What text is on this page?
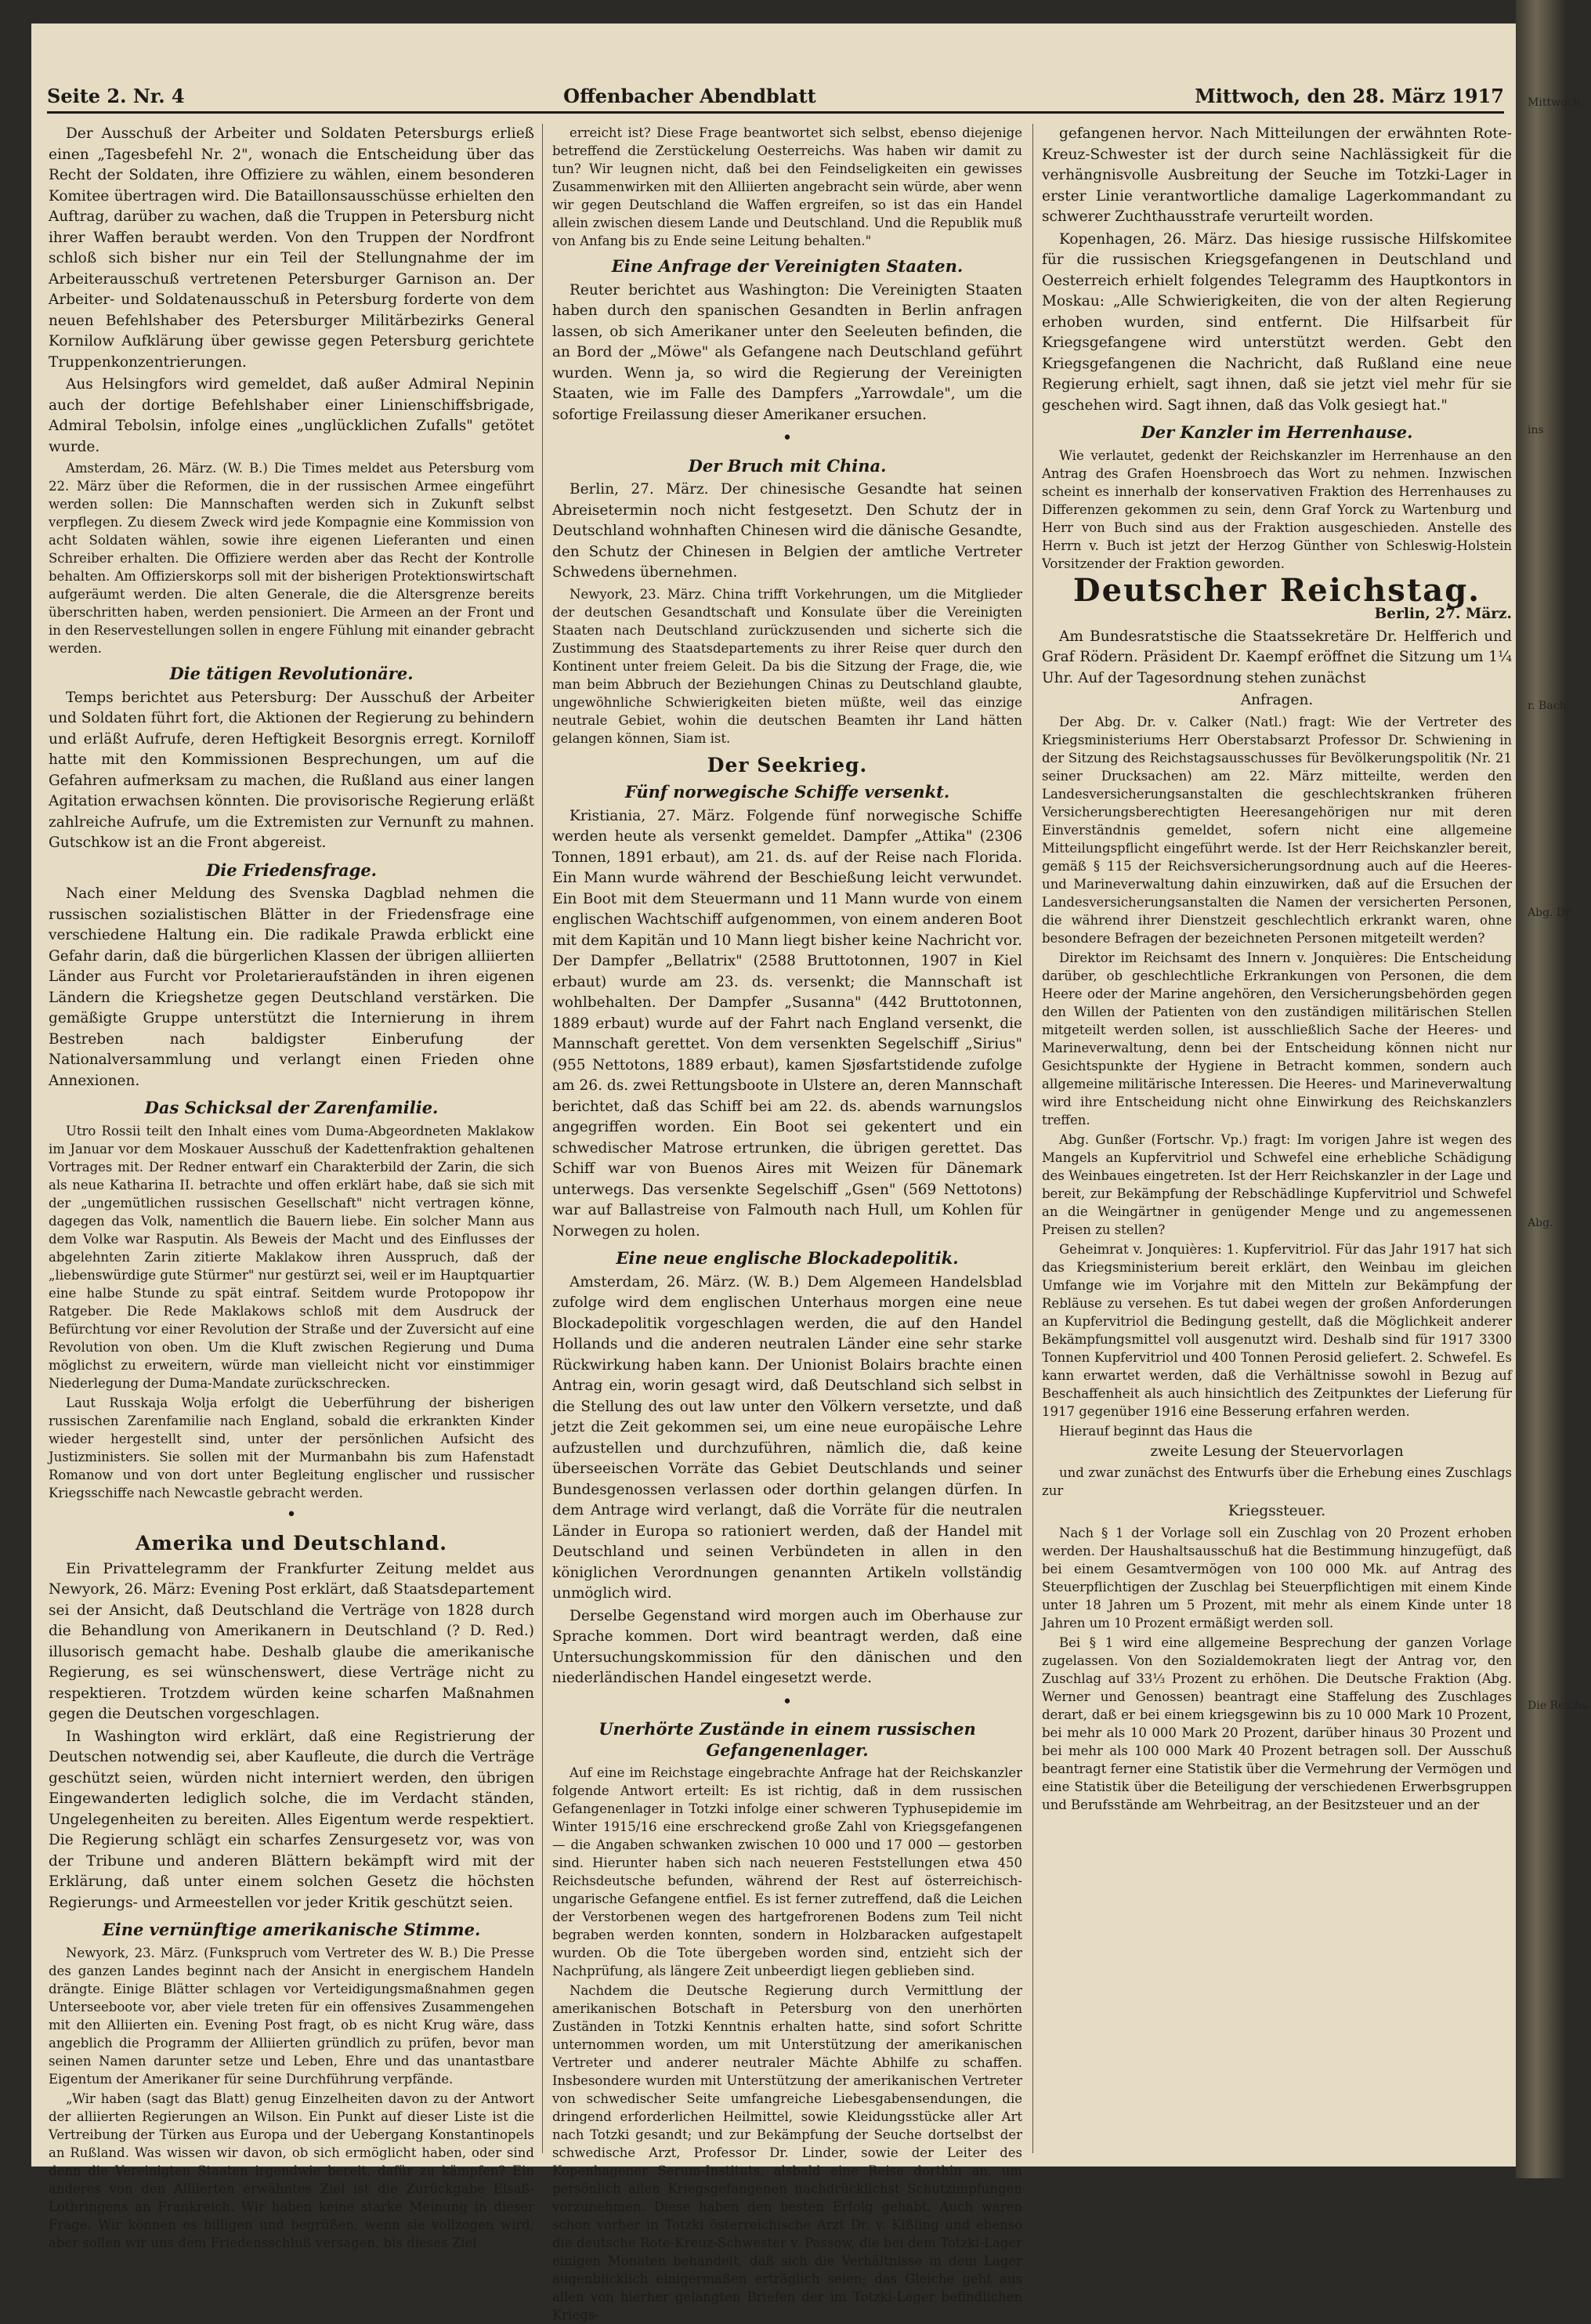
Mittwoch,

ins

r. Bach

Abg. Dr.

Abg.

Die Reichs-
Seite 2. Nr. 4	Offenbacher Abendblatt	Mittwoch, den 28. März 1917

Der Ausschuß der Arbeiter und Soldaten Petersburgs erließ einen „Tagesbefehl Nr. 2", wonach die Entscheidung über das Recht der Soldaten, ihre Offiziere zu wählen, einem besonderen Komitee übertragen wird. Die Bataillonsausschüsse erhielten den Auftrag, darüber zu wachen, daß die Truppen in Petersburg nicht ihrer Waffen beraubt werden. Von den Truppen der Nordfront schloß sich bisher nur ein Teil der Stellungnahme der im Arbeiterausschuß vertretenen Petersburger Garnison an. Der Arbeiter- und Soldatenausschuß in Petersburg forderte von dem neuen Befehlshaber des Petersburger Militärbezirks General Kornilow Aufklärung über gewisse gegen Petersburg gerichtete Truppenkonzentrierungen.

Aus Helsingfors wird gemeldet, daß außer Admiral Nepinin auch der dortige Befehlshaber einer Linienschiffsbrigade, Admiral Tebolsin, infolge eines „unglücklichen Zufalls" getötet wurde.

Amsterdam, 26. März. (W. B.) Die Times meldet aus Petersburg vom 22. März über die Reformen, die in der russischen Armee eingeführt werden sollen: Die Mannschaften werden sich in Zukunft selbst verpflegen. Zu diesem Zweck wird jede Kompagnie eine Kommission von acht Soldaten wählen, sowie ihre eigenen Lieferanten und einen Schreiber erhalten. Die Offiziere werden aber das Recht der Kontrolle behalten. Am Offizierskorps soll mit der bisherigen Protektionswirtschaft aufgeräumt werden. Die alten Generale, die die Altersgrenze bereits überschritten haben, werden pensioniert. Die Armeen an der Front und in den Reservestellungen sollen in engere Fühlung mit einander gebracht werden.

Die tätigen Revolutionäre.

Temps berichtet aus Petersburg: Der Ausschuß der Arbeiter und Soldaten führt fort, die Aktionen der Regierung zu behindern und erläßt Aufrufe, deren Heftigkeit Besorgnis erregt. Korniloff hatte mit den Kommissionen Besprechungen, um auf die Gefahren aufmerksam zu machen, die Rußland aus einer langen Agitation erwachsen könnten. Die provisorische Regierung erläßt zahlreiche Aufrufe, um die Extremisten zur Vernunft zu mahnen. Gutschkow ist an die Front abgereist.

Die Friedensfrage.

Nach einer Meldung des Svenska Dagblad nehmen die russischen sozialistischen Blätter in der Friedensfrage eine verschiedene Haltung ein. Die radikale Prawda erblickt eine Gefahr darin, daß die bürgerlichen Klassen der übrigen alliierten Länder aus Furcht vor Proletarieraufständen in ihren eigenen Ländern die Kriegshetze gegen Deutschland verstärken. Die gemäßigte Gruppe unterstützt die Internierung in ihrem Bestreben nach baldigster Einberufung der Nationalversammlung und verlangt einen Frieden ohne Annexionen.

Das Schicksal der Zarenfamilie.

Utro Rossii teilt den Inhalt eines vom Duma-Abgeordneten Maklakow im Januar vor dem Moskauer Ausschuß der Kadettenfraktion gehaltenen Vortrages mit. Der Redner entwarf ein Charakterbild der Zarin, die sich als neue Katharina II. betrachte und offen erklärt habe, daß sie sich mit der „ungemütlichen russischen Gesellschaft" nicht vertragen könne, dagegen das Volk, namentlich die Bauern liebe. Ein solcher Mann aus dem Volke war Rasputin. Als Beweis der Macht und des Einflusses der abgelehnten Zarin zitierte Maklakow ihren Ausspruch, daß der „liebenswürdige gute Stürmer" nur gestürzt sei, weil er im Hauptquartier eine halbe Stunde zu spät eintraf. Seitdem wurde Protopopow ihr Ratgeber. Die Rede Maklakows schloß mit dem Ausdruck der Befürchtung vor einer Revolution der Straße und der Zuversicht auf eine Revolution von oben. Um die Kluft zwischen Regierung und Duma möglichst zu erweitern, würde man vielleicht nicht vor einstimmiger Niederlegung der Duma-Mandate zurückschrecken.

Laut Russkaja Wolja erfolgt die Ueberführung der bisherigen russischen Zarenfamilie nach England, sobald die erkrankten Kinder wieder hergestellt sind, unter der persönlichen Aufsicht des Justizministers. Sie sollen mit der Murmanbahn bis zum Hafenstadt Romanow und von dort unter Begleitung englischer und russischer Kriegsschiffe nach Newcastle gebracht werden.

•
Amerika und Deutschland.

Ein Privattelegramm der Frankfurter Zeitung meldet aus Newyork, 26. März: Evening Post erklärt, daß Staatsdepartement sei der Ansicht, daß Deutschland die Verträge von 1828 durch die Behandlung von Amerikanern in Deutschland (? D. Red.) illusorisch gemacht habe. Deshalb glaube die amerikanische Regierung, es sei wünschenswert, diese Verträge nicht zu respektieren. Trotzdem würden keine scharfen Maßnahmen gegen die Deutschen vorgeschlagen.

In Washington wird erklärt, daß eine Registrierung der Deutschen notwendig sei, aber Kaufleute, die durch die Verträge geschützt seien, würden nicht interniert werden, den übrigen Eingewanderten lediglich solche, die im Verdacht ständen, Ungelegenheiten zu bereiten. Alles Eigentum werde respektiert. Die Regierung schlägt ein scharfes Zensurgesetz vor, was von der Tribune und anderen Blättern bekämpft wird mit der Erklärung, daß unter einem solchen Gesetz die höchsten Regierungs- und Armeestellen vor jeder Kritik geschützt seien.

Eine vernünftige amerikanische Stimme.

Newyork, 23. März. (Funkspruch vom Vertreter des W. B.) Die Presse des ganzen Landes beginnt nach der Ansicht in energischem Handeln drängte. Einige Blätter schlagen vor Verteidigungsmaßnahmen gegen Unterseeboote vor, aber viele treten für ein offensives Zusammengehen mit den Alliierten ein. Evening Post fragt, ob es nicht Krug wäre, dass angeblich die Programm der Alliierten gründlich zu prüfen, bevor man seinen Namen darunter setze und Leben, Ehre und das unantastbare Eigentum der Amerikaner für seine Durchführung verpfände.

„Wir haben (sagt das Blatt) genug Einzelheiten davon zu der Antwort der alliierten Regierungen an Wilson. Ein Punkt auf dieser Liste ist die Vertreibung der Türken aus Europa und der Uebergang Konstantinopels an Rußland. Was wissen wir davon, ob sich ermöglicht haben, oder sind denn die Vereinigten Staaten irgendwie bereit, dafür zu kämpfen? Ein anderes von den Alliierten erwähntes Ziel ist die Zurückgabe Elsaß-Lothringens an Frankreich. Wir haben keine starke Meinung in dieser Frage. Wir können es billigen und begrüßen, wenn sie vollzogen wird, aber sollen wir uns dem Friedensschluß versagen, bis dieses Ziel

erreicht ist? Diese Frage beantwortet sich selbst, ebenso diejenige betreffend die Zerstückelung Oesterreichs. Was haben wir damit zu tun? Wir leugnen nicht, daß bei den Feindseligkeiten ein gewisses Zusammenwirken mit den Alliierten angebracht sein würde, aber wenn wir gegen Deutschland die Waffen ergreifen, so ist das ein Handel allein zwischen diesem Lande und Deutschland. Und die Republik muß von Anfang bis zu Ende seine Leitung behalten."

Eine Anfrage der Vereinigten Staaten.

Reuter berichtet aus Washington: Die Vereinigten Staaten haben durch den spanischen Gesandten in Berlin anfragen lassen, ob sich Amerikaner unter den Seeleuten befinden, die an Bord der „Möwe" als Gefangene nach Deutschland geführt wurden. Wenn ja, so wird die Regierung der Vereinigten Staaten, wie im Falle des Dampfers „Yarrowdale", um die sofortige Freilassung dieser Amerikaner ersuchen.

•
Der Bruch mit China.

Berlin, 27. März. Der chinesische Gesandte hat seinen Abreisetermin noch nicht festgesetzt. Den Schutz der in Deutschland wohnhaften Chinesen wird die dänische Gesandte, den Schutz der Chinesen in Belgien der amtliche Vertreter Schwedens übernehmen.

Newyork, 23. März. China trifft Vorkehrungen, um die Mitglieder der deutschen Gesandtschaft und Konsulate über die Vereinigten Staaten nach Deutschland zurückzusenden und sicherte sich die Zustimmung des Staatsdepartements zu ihrer Reise quer durch den Kontinent unter freiem Geleit. Da bis die Sitzung der Frage, die, wie man beim Abbruch der Beziehungen Chinas zu Deutschland glaubte, ungewöhnliche Schwierigkeiten bieten müßte, weil das einzige neutrale Gebiet, wohin die deutschen Beamten ihr Land hätten gelangen können, Siam ist.

Der Seekrieg.
Fünf norwegische Schiffe versenkt.

Kristiania, 27. März. Folgende fünf norwegische Schiffe werden heute als versenkt gemeldet. Dampfer „Attika" (2306 Tonnen, 1891 erbaut), am 21. ds. auf der Reise nach Florida. Ein Mann wurde während der Beschießung leicht verwundet. Ein Boot mit dem Steuermann und 11 Mann wurde von einem englischen Wachtschiff aufgenommen, von einem anderen Boot mit dem Kapitän und 10 Mann liegt bisher keine Nachricht vor. Der Dampfer „Bellatrix" (2588 Bruttotonnen, 1907 in Kiel erbaut) wurde am 23. ds. versenkt; die Mannschaft ist wohlbehalten. Der Dampfer „Susanna" (442 Bruttotonnen, 1889 erbaut) wurde auf der Fahrt nach England versenkt, die Mannschaft gerettet. Von dem versenkten Segelschiff „Sirius" (955 Nettotons, 1889 erbaut), kamen Sjøsfartstidende zufolge am 26. ds. zwei Rettungsboote in Ulstere an, deren Mannschaft berichtet, daß das Schiff bei am 22. ds. abends warnungslos angegriffen worden. Ein Boot sei gekentert und ein schwedischer Matrose ertrunken, die übrigen gerettet. Das Schiff war von Buenos Aires mit Weizen für Dänemark unterwegs. Das versenkte Segelschiff „Gsen" (569 Nettotons) war auf Ballastreise von Falmouth nach Hull, um Kohlen für Norwegen zu holen.

Eine neue englische Blockadepolitik.

Amsterdam, 26. März. (W. B.) Dem Algemeen Handelsblad zufolge wird dem englischen Unterhaus morgen eine neue Blockadepolitik vorgeschlagen werden, die auf den Handel Hollands und die anderen neutralen Länder eine sehr starke Rückwirkung haben kann. Der Unionist Bolairs brachte einen Antrag ein, worin gesagt wird, daß Deutschland sich selbst in die Stellung des out law unter den Völkern versetzte, und daß jetzt die Zeit gekommen sei, um eine neue europäische Lehre aufzustellen und durchzuführen, nämlich die, daß keine überseeischen Vorräte das Gebiet Deutschlands und seiner Bundesgenossen verlassen oder dorthin gelangen dürfen. In dem Antrage wird verlangt, daß die Vorräte für die neutralen Länder in Europa so rationiert werden, daß der Handel mit Deutschland und seinen Verbündeten in allen in den königlichen Verordnungen genannten Artikeln vollständig unmöglich wird.

Derselbe Gegenstand wird morgen auch im Oberhause zur Sprache kommen. Dort wird beantragt werden, daß eine Untersuchungskommission für den dänischen und den niederländischen Handel eingesetzt werde.

•
Unerhörte Zustände in einem russischen Gefangenenlager.

Auf eine im Reichstage eingebrachte Anfrage hat der Reichskanzler folgende Antwort erteilt: Es ist richtig, daß in dem russischen Gefangenenlager in Totzki infolge einer schweren Typhusepidemie im Winter 1915/16 eine erschreckend große Zahl von Kriegsgefangenen — die Angaben schwanken zwischen 10 000 und 17 000 — gestorben sind. Hierunter haben sich nach neueren Feststellungen etwa 450 Reichsdeutsche befunden, während der Rest auf österreichisch-ungarische Gefangene entfiel. Es ist ferner zutreffend, daß die Leichen der Verstorbenen wegen des hartgefrorenen Bodens zum Teil nicht begraben werden konnten, sondern in Holzbaracken aufgestapelt wurden. Ob die Tote übergeben worden sind, entzieht sich der Nachprüfung, als längere Zeit unbeerdigt liegen geblieben sind.

Nachdem die Deutsche Regierung durch Vermittlung der amerikanischen Botschaft in Petersburg von den unerhörten Zuständen in Totzki Kenntnis erhalten hatte, sind sofort Schritte unternommen worden, um mit Unterstützung der amerikanischen Vertreter und anderer neutraler Mächte Abhilfe zu schaffen. Insbesondere wurden mit Unterstützung der amerikanischen Vertreter von schwedischer Seite umfangreiche Liebesgabensendungen, die dringend erforderlichen Heilmittel, sowie Kleidungsstücke aller Art nach Totzki gesandt; und zur Bekämpfung der Seuche dortselbst der schwedische Arzt, Professor Dr. Linder, sowie der Leiter des Kopenhagener Serum-Instituts, alsbald eine Reise dorthin an, um persönlich allen Kriegsgefangenen nachdrücklichst Schutzimpfungen vorzunehmen. Diese haben den besten Erfolg gehabt. Auch waren schon vorher in Totzki österreichische Arzt Dr. v. Kißling und ebenso die deutsche Rote-Kreuz-Schwester v. Passow, die bei dem Totzki-Lager einigen Monaten behandelt, daß sich die Verhältnisse in dem Lager augenblicklich einigermaßen erträglich seien; das Gleiche geht aus allen von hierher gelangten Briefen der im Totzki-Lager befindlichen Kriegs-

gefangenen hervor. Nach Mitteilungen der erwähnten Rote-Kreuz-Schwester ist der durch seine Nachlässigkeit für die verhängnisvolle Ausbreitung der Seuche im Totzki-Lager in erster Linie verantwortliche damalige Lagerkommandant zu schwerer Zuchthausstrafe verurteilt worden.

Kopenhagen, 26. März. Das hiesige russische Hilfskomitee für die russischen Kriegsgefangenen in Deutschland und Oesterreich erhielt folgendes Telegramm des Hauptkontors in Moskau: „Alle Schwierigkeiten, die von der alten Regierung erhoben wurden, sind entfernt. Die Hilfsarbeit für Kriegsgefangene wird unterstützt werden. Gebt den Kriegsgefangenen die Nachricht, daß Rußland eine neue Regierung erhielt, sagt ihnen, daß sie jetzt viel mehr für sie geschehen wird. Sagt ihnen, daß das Volk gesiegt hat."

Der Kanzler im Herrenhause.

Wie verlautet, gedenkt der Reichskanzler im Herrenhause an den Antrag des Grafen Hoensbroech das Wort zu nehmen. Inzwischen scheint es innerhalb der konservativen Fraktion des Herrenhauses zu Differenzen gekommen zu sein, denn Graf Yorck zu Wartenburg und Herr von Buch sind aus der Fraktion ausgeschieden. Anstelle des Herrn v. Buch ist jetzt der Herzog Günther von Schleswig-Holstein Vorsitzender der Fraktion geworden.

Deutscher Reichstag.

Berlin, 27. März.

Am Bundesratstische die Staatssekretäre Dr. Helfferich und Graf Rödern. Präsident Dr. Kaempf eröffnet die Sitzung um 1¼ Uhr. Auf der Tagesordnung stehen zunächst

Anfragen.

Der Abg. Dr. v. Calker (Natl.) fragt: Wie der Vertreter des Kriegsministeriums Herr Oberstabsarzt Professor Dr. Schwiening in der Sitzung des Reichstagsausschusses für Bevölkerungspolitik (Nr. 21 seiner Drucksachen) am 22. März mitteilte, werden den Landesversicherungsanstalten die geschlechtskranken früheren Versicherungsberechtigten Heeresangehörigen nur mit deren Einverständnis gemeldet, sofern nicht eine allgemeine Mitteilungspflicht eingeführt werde. Ist der Herr Reichskanzler bereit, gemäß § 115 der Reichsversicherungsordnung auch auf die Heeres- und Marineverwaltung dahin einzuwirken, daß auf die Ersuchen der Landesversicherungsanstalten die Namen der versicherten Personen, die während ihrer Dienstzeit geschlechtlich erkrankt waren, ohne besondere Befragen der bezeichneten Personen mitgeteilt werden?

Direktor im Reichsamt des Innern v. Jonquières: Die Entscheidung darüber, ob geschlechtliche Erkrankungen von Personen, die dem Heere oder der Marine angehören, den Versicherungsbehörden gegen den Willen der Patienten von den zuständigen militärischen Stellen mitgeteilt werden sollen, ist ausschließlich Sache der Heeres- und Marineverwaltung, denn bei der Entscheidung können nicht nur Gesichtspunkte der Hygiene in Betracht kommen, sondern auch allgemeine militärische Interessen. Die Heeres- und Marineverwaltung wird ihre Entscheidung nicht ohne Einwirkung des Reichskanzlers treffen.

Abg. Gunßer (Fortschr. Vp.) fragt: Im vorigen Jahre ist wegen des Mangels an Kupfervitriol und Schwefel eine erhebliche Schädigung des Weinbaues eingetreten. Ist der Herr Reichskanzler in der Lage und bereit, zur Bekämpfung der Rebschädlinge Kupfervitriol und Schwefel an die Weingärtner in genügender Menge und zu angemessenen Preisen zu stellen?

Geheimrat v. Jonquières: 1. Kupfervitriol. Für das Jahr 1917 hat sich das Kriegsministerium bereit erklärt, den Weinbau im gleichen Umfange wie im Vorjahre mit den Mitteln zur Bekämpfung der Rebläuse zu versehen. Es tut dabei wegen der großen Anforderungen an Kupfervitriol die Bedingung gestellt, daß die Möglichkeit anderer Bekämpfungsmittel voll ausgenutzt wird. Deshalb sind für 1917 3300 Tonnen Kupfervitriol und 400 Tonnen Perosid geliefert. 2. Schwefel. Es kann erwartet werden, daß die Verhältnisse sowohl in Bezug auf Beschaffenheit als auch hinsichtlich des Zeitpunktes der Lieferung für 1917 gegenüber 1916 eine Besserung erfahren werden.

Hierauf beginnt das Haus die

zweite Lesung der Steuervorlagen

und zwar zunächst des Entwurfs über die Erhebung eines Zuschlags zur

Kriegssteuer.

Nach § 1 der Vorlage soll ein Zuschlag von 20 Prozent erhoben werden. Der Haushaltsausschuß hat die Bestimmung hinzugefügt, daß bei einem Gesamtvermögen von 100 000 Mk. auf Antrag des Steuerpflichtigen der Zuschlag bei Steuerpflichtigen mit einem Kinde unter 18 Jahren um 5 Prozent, mit mehr als einem Kinde unter 18 Jahren um 10 Prozent ermäßigt werden soll.

Bei § 1 wird eine allgemeine Besprechung der ganzen Vorlage zugelassen. Von den Sozialdemokraten liegt der Antrag vor, den Zuschlag auf 33⅓ Prozent zu erhöhen. Die Deutsche Fraktion (Abg. Werner und Genossen) beantragt eine Staffelung des Zuschlages derart, daß er bei einem kriegsgewinn bis zu 10 000 Mark 10 Prozent, bei mehr als 10 000 Mark 20 Prozent, darüber hinaus 30 Prozent und bei mehr als 100 000 Mark 40 Prozent betragen soll. Der Ausschuß beantragt ferner eine Statistik über die Vermehrung der Vermögen und eine Statistik über die Beteiligung der verschiedenen Erwerbsgruppen und Berufsstände am Wehrbeitrag, an der Besitzsteuer und an der
